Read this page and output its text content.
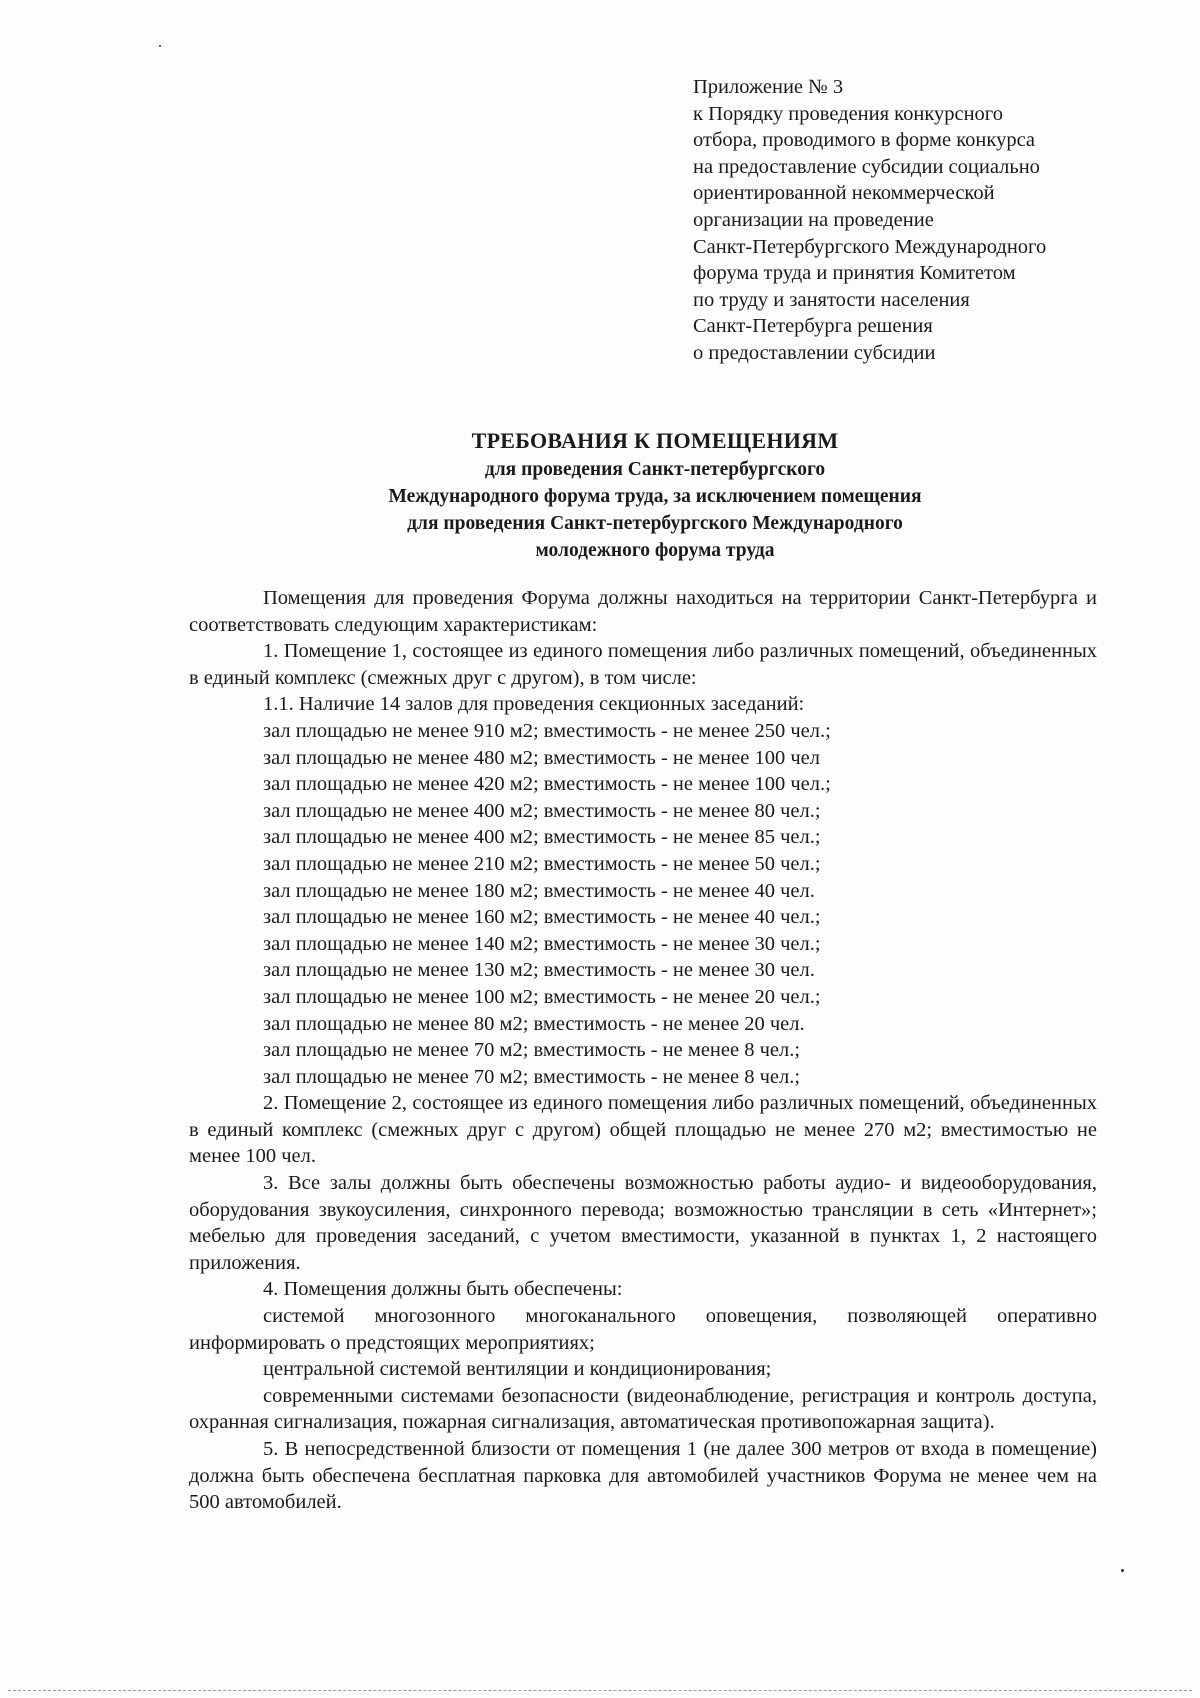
Приложение № 3
к Порядку проведения конкурсного
отбора, проводимого в форме конкурса
на предоставление субсидии социально
ориентированной некоммерческой
организации на проведение
Санкт-Петербургского Международного
форума труда и принятия Комитетом
по труду и занятости населения
Санкт-Петербурга решения
о предоставлении субсидии
ТРЕБОВАНИЯ К ПОМЕЩЕНИЯМ
для проведения Санкт-петербургского
Международного форума труда, за исключением помещения
для проведения Санкт-петербургского Международного
молодежного форума труда

Помещения для проведения Форума должны находиться на территории Санкт-Петербурга и соответствовать следующим характеристикам:

1. Помещение 1, состоящее из единого помещения либо различных помещений, объединенных в единый комплекс (смежных друг с другом), в том числе:

1.1. Наличие 14 залов для проведения секционных заседаний:

зал площадью не менее 910 м2; вместимость - не менее 250 чел.;

зал площадью не менее 480 м2; вместимость - не менее 100 чел

зал площадью не менее 420 м2; вместимость - не менее 100 чел.;

зал площадью не менее 400 м2; вместимость - не менее 80 чел.;

зал площадью не менее 400 м2; вместимость - не менее 85 чел.;

зал площадью не менее 210 м2; вместимость - не менее 50 чел.;

зал площадью не менее 180 м2; вместимость - не менее 40 чел.

зал площадью не менее 160 м2; вместимость - не менее 40 чел.;

зал площадью не менее 140 м2; вместимость - не менее 30 чел.;

зал площадью не менее 130 м2; вместимость - не менее 30 чел.

зал площадью не менее 100 м2; вместимость - не менее 20 чел.;

зал площадью не менее 80 м2; вместимость - не менее 20 чел.

зал площадью не менее 70 м2; вместимость - не менее 8 чел.;

зал площадью не менее 70 м2; вместимость - не менее 8 чел.;

2. Помещение 2, состоящее из единого помещения либо различных помещений, объединенных в единый комплекс (смежных друг с другом) общей площадью не менее 270 м2; вместимостью не менее 100 чел.

3. Все залы должны быть обеспечены возможностью работы аудио- и видеооборудования, оборудования звукоусиления, синхронного перевода; возможностью трансляции в сеть «Интернет»; мебелью для проведения заседаний, с учетом вместимости, указанной в пунктах 1, 2 настоящего приложения.

4. Помещения должны быть обеспечены:

системой многозонного многоканального оповещения, позволяющей оперативно информировать о предстоящих мероприятиях;

центральной системой вентиляции и кондиционирования;

современными системами безопасности (видеонаблюдение, регистрация и контроль доступа, охранная сигнализация, пожарная сигнализация, автоматическая противопожарная защита).

5. В непосредственной близости от помещения 1 (не далее 300 метров от входа в помещение) должна быть обеспечена бесплатная парковка для автомобилей участников Форума не менее чем на 500 автомобилей.
